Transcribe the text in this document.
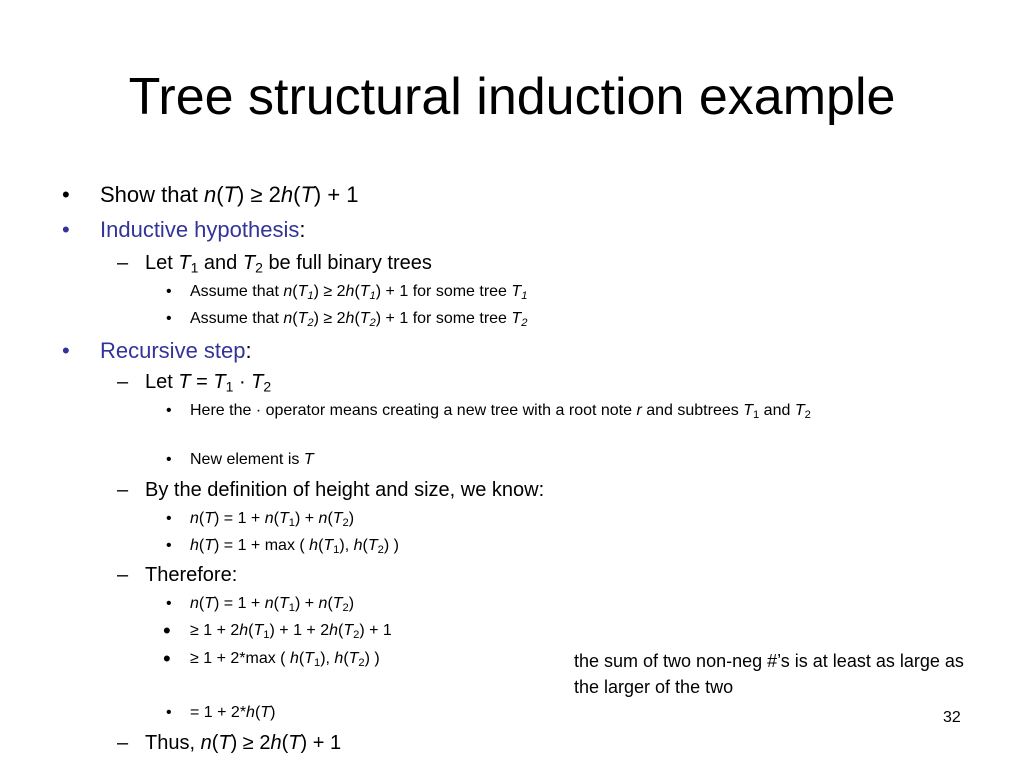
Tree structural induction example
• Show that n(T) ≥ 2h(T) + 1
• Inductive hypothesis:
– Let $T_1$ and $T_2$ be full binary trees
• Assume that $n(T_1) \ge 2h(T_1) + 1$ for some tree $T_1$
• Assume that $n(T_2) \ge 2h(T_2) + 1$ for some tree $T_2$
• Recursive step:
– Let $T = T_1 \cdot T_2$
• Here the · operator means creating a new tree with a root note r and subtrees $T_1$ and $T_2$
• New element is T
– By the definition of height and size, we know:
• $n(T) = 1 + n(T_1) + n(T_2)$
• h(T) = 1 + max ( $h(T_1)$, $h(T_2)$ )
– Therefore:
• $n(T) = 1 + n(T_1) + n(T_2)$
• ≥ $1 + 2h(T_1) + 1 + 2h(T_2) + 1$
• ≥ 1 + 2*max ( $h(T_1)$, $h(T_2)$ )	the sum of two non-neg #’s is at least as large as the larger of the two
• = 1 + 2*h(T)
– Thus, n(T) ≥ 2h(T) + 1
32
